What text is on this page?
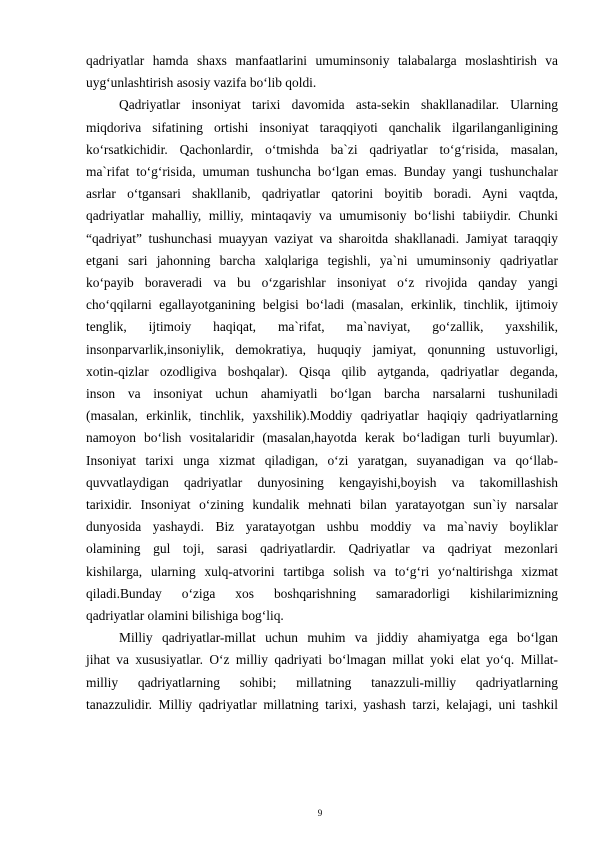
qadriyatlar hamda shaxs manfaatlarini umuminsoniy talabalarga moslashtirish va
uyg‘unlashtirish asosiy vazifa bo‘lib qoldi.

Qadriyatlar insoniyat tarixi davomida asta-sekin shakllanadilar. Ularning
miqdoriva sifatining ortishi insoniyat taraqqiyoti qanchalik ilgarilanganligining
ko‘rsatkichidir. Qachonlardir, o‘tmishda ba`zi qadriyatlar to‘g‘risida, masalan,
ma`rifat to‘g‘risida, umuman tushuncha bo‘lgan emas. Bunday yangi tushunchalar
asrlar o‘tgansari shakllanib, qadriyatlar qatorini boyitib boradi. Ayni vaqtda,
qadriyatlar mahalliy, milliy, mintaqaviy va umumisoniy bo‘lishi tabiiydir. Chunki
“qadriyat” tushunchasi muayyan vaziyat va sharoitda shakllanadi. Jamiyat taraqqiy
etgani sari jahonning barcha xalqlariga tegishli, ya`ni umuminsoniy qadriyatlar
ko‘payib boraveradi va bu o‘zgarishlar insoniyat o‘z rivojida qanday yangi
cho‘qqilarni egallayotganining belgisi bo‘ladi (masalan, erkinlik, tinchlik, ijtimoiy
tenglik, ijtimoiy haqiqat, ma`rifat, ma`naviyat, go‘zallik, yaxshilik,
insonparvarlik,insoniylik, demokratiya, huquqiy jamiyat, qonunning ustuvorligi,
xotin-qizlar ozodligiva boshqalar). Qisqa qilib aytganda, qadriyatlar deganda,
inson va insoniyat uchun ahamiyatli bo‘lgan barcha narsalarni tushuniladi
(masalan, erkinlik, tinchlik, yaxshilik).Moddiy qadriyatlar haqiqiy qadriyatlarning
namoyon bo‘lish vositalaridir (masalan,hayotda kerak bo‘ladigan turli buyumlar).
Insoniyat tarixi unga xizmat qiladigan, o‘zi yaratgan, suyanadigan va qo‘llab-
quvvatlaydigan qadriyatlar dunyosining kengayishi,boyish va takomillashish
tarixidir. Insoniyat o‘zining kundalik mehnati bilan yaratayotgan sun`iy narsalar
dunyosida yashaydi. Biz yaratayotgan ushbu moddiy va ma`naviy boyliklar
olamining gul toji, sarasi qadriyatlardir. Qadriyatlar va qadriyat mezonlari
kishilarga, ularning xulq-atvorini tartibga solish va to‘g‘ri yo‘naltirishga xizmat
qiladi.Bunday o‘ziga xos boshqarishning samaradorligi kishilarimizning
qadriyatlar olamini bilishiga bog‘liq.

Milliy qadriyatlar-millat uchun muhim va jiddiy ahamiyatga ega bo‘lgan
jihat va xususiyatlar. O‘z milliy qadriyati bo‘lmagan millat yoki elat yo‘q. Millat-
milliy qadriyatlarning sohibi; millatning tanazzuli-milliy qadriyatlarning
tanazzulidir. Milliy qadriyatlar millatning tarixi, yashash tarzi, kelajagi, uni tashkil

9
